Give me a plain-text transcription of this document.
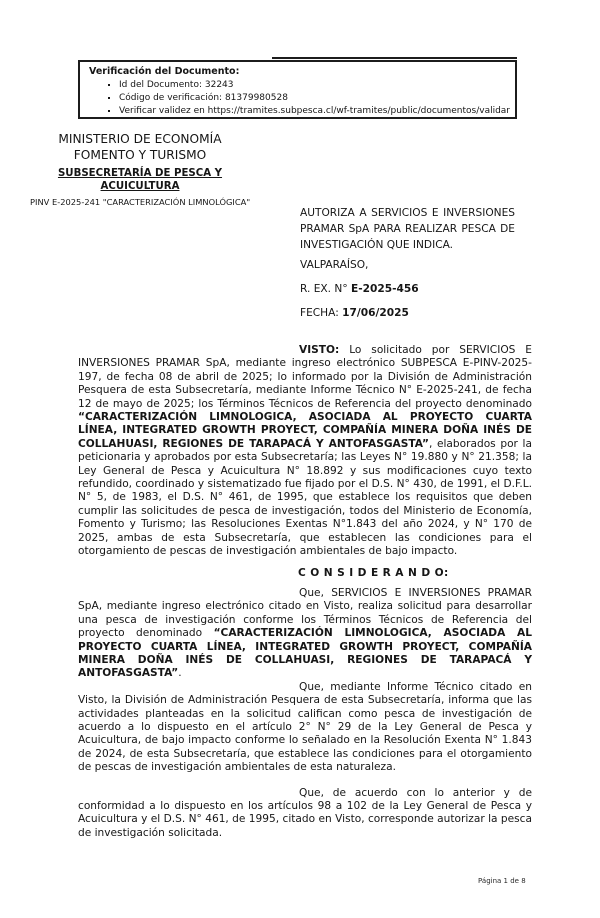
Verificación del Documento:
▪ Id del Documento: 32243
▪ Código de verificación: 81379980528
▪ Verificar validez en https://tramites.subpesca.cl/wf-tramites/public/documentos/validar
MINISTERIO DE ECONOMÍA
FOMENTO Y TURISMO
SUBSECRETARÍA DE PESCA Y
ACUICULTURA
PINV E-2025-241 "CARACTERIZACIÓN LIMNOLÓGICA"

AUTORIZA A SERVICIOS E INVERSIONES PRAMAR SpA PARA REALIZAR PESCA DE INVESTIGACIÓN QUE INDICA.

VALPARAÍSO,
R. EX. N° E-2025-456
FECHA: 17/06/2025

VISTO: Lo solicitado por SERVICIOS E INVERSIONES PRAMAR SpA, mediante ingreso electrónico SUBPESCA E-PINV-2025-197, de fecha 08 de abril de 2025; lo informado por la División de Administración Pesquera de esta Subsecretaría, mediante Informe Técnico N° E-2025-241, de fecha 12 de mayo de 2025; los Términos Técnicos de Referencia del proyecto denominado “CARACTERIZACIÓN LIMNOLOGICA, ASOCIADA AL PROYECTO CUARTA LÍNEA, INTEGRATED GROWTH PROYECT, COMPAÑÍA MINERA DOÑA INÉS DE COLLAHUASI, REGIONES DE TARAPACÁ Y ANTOFASGASTA”, elaborados por la peticionaria y aprobados por esta Subsecretaría; las Leyes N° 19.880 y N° 21.358; la Ley General de Pesca y Acuicultura N° 18.892 y sus modificaciones cuyo texto refundido, coordinado y sistematizado fue fijado por el D.S. N° 430, de 1991, el D.F.L. N° 5, de 1983, el D.S. N° 461, de 1995, que establece los requisitos que deben cumplir las solicitudes de pesca de investigación, todos del Ministerio de Economía, Fomento y Turismo; las Resoluciones Exentas N°1.843 del año 2024, y N° 170 de 2025, ambas de esta Subsecretaría, que establecen las condiciones para el otorgamiento de pescas de investigación ambientales de bajo impacto.

C O N S I D E R A N D O:

Que, SERVICIOS E INVERSIONES PRAMAR SpA, mediante ingreso electrónico citado en Visto, realiza solicitud para desarrollar una pesca de investigación conforme los Términos Técnicos de Referencia del proyecto denominado “CARACTERIZACIÓN LIMNOLOGICA, ASOCIADA AL PROYECTO CUARTA LÍNEA, INTEGRATED GROWTH PROYECT, COMPAÑÍA MINERA DOÑA INÉS DE COLLAHUASI, REGIONES DE TARAPACÁ Y ANTOFASGASTA”.

Que, mediante Informe Técnico citado en Visto, la División de Administración Pesquera de esta Subsecretaría, informa que las actividades planteadas en la solicitud califican como pesca de investigación de acuerdo a lo dispuesto en el artículo 2° N° 29 de la Ley General de Pesca y Acuicultura, de bajo impacto conforme lo señalado en la Resolución Exenta N° 1.843 de 2024, de esta Subsecretaría, que establece las condiciones para el otorgamiento de pescas de investigación ambientales de esta naturaleza.

Que, de acuerdo con lo anterior y de conformidad a lo dispuesto en los artículos 98 a 102 de la Ley General de Pesca y Acuicultura y el D.S. N° 461, de 1995, citado en Visto, corresponde autorizar la pesca de investigación solicitada.

Página 1 de 8
